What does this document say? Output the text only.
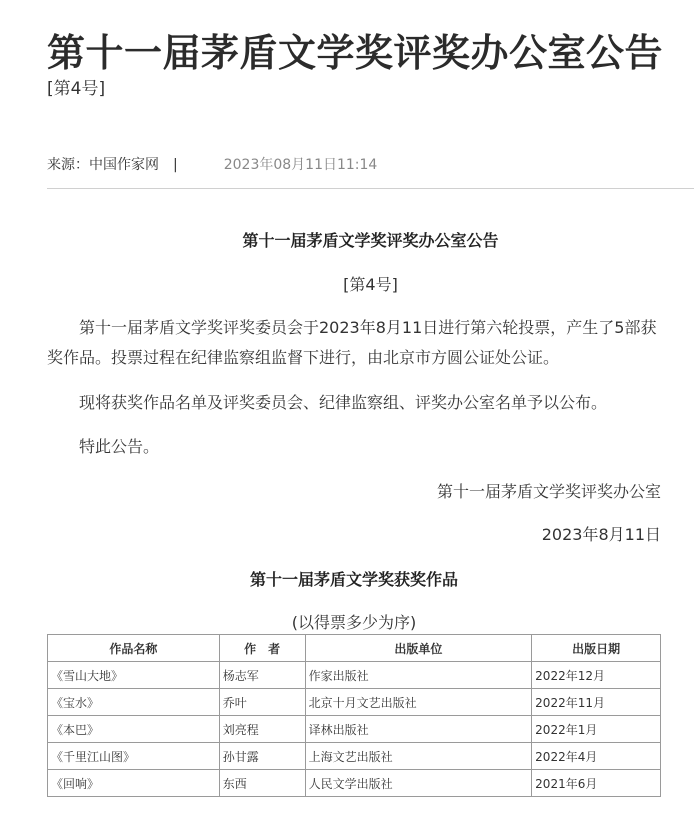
第十一届茅盾文学奖评奖办公室公告
[第4号]
来源：中国作家网 |	2023年08月11日11:14
第十一届茅盾文学奖评奖办公室公告
[第4号]

第十一届茅盾文学奖评奖委员会于2023年8月11日进行第六轮投票，产生了5部获奖作品。投票过程在纪律监察组监督下进行，由北京市方圆公证处公证。

现将获奖作品名单及评奖委员会、纪律监察组、评奖办公室名单予以公布。

特此公告。

第十一届茅盾文学奖评奖办公室
2023年8月11日
第十一届茅盾文学奖获奖作品
(以得票多少为序)
作品名称	作　者	出版单位	出版日期
《雪山大地》	杨志军	作家出版社	2022年12月
《宝水》	乔叶	北京十月文艺出版社	2022年11月
《本巴》	刘亮程	译林出版社	2022年1月
《千里江山图》	孙甘露	上海文艺出版社	2022年4月
《回响》	东西	人民文学出版社	2021年6月
